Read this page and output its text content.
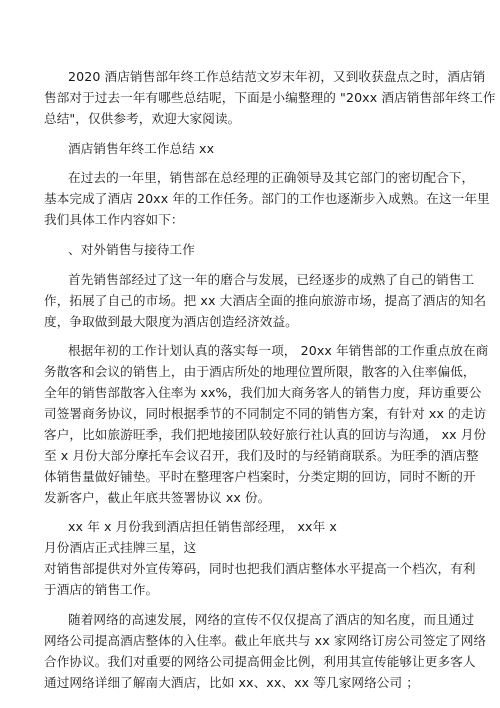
2020 酒店销售部年终工作总结范文岁末年初，又到收获盘点之时，酒店销
售部对于过去一年有哪些总结呢，下面是小编整理的 "20xx 酒店销售部年终工作
总结"，仅供参考，欢迎大家阅读。
酒店销售年终工作总结 xx
在过去的一年里，销售部在总经理的正确领导及其它部门的密切配合下，
基本完成了酒店 20xx 年的工作任务。部门的工作也逐渐步入成熟。在这一年里
我们具体工作内容如下：
、对外销售与接待工作
首先销售部经过了这一年的磨合与发展，已经逐步的成熟了自己的销售工
作，拓展了自己的市场。把 xx 大酒店全面的推向旅游市场，提高了酒店的知名
度，争取做到最大限度为酒店创造经济效益。
根据年初的工作计划认真的落实每一项， 20xx 年销售部的工作重点放在商
务散客和会议的销售上，由于酒店所处的地理位置所限，散客的入住率偏低，
全年的销售部散客入住率为 xx%，我们加大商务客人的销售力度，拜访重要公
司签署商务协议，同时根据季节的不同制定不同的销售方案，有针对 xx 的走访
客户，比如旅游旺季，我们把地接团队较好旅行社认真的回访与沟通， xx 月份
至 x 月份大部分摩托车会议召开，我们及时的与经销商联系。为旺季的酒店整
体销售量做好铺垫。平时在整理客户档案时，分类定期的回访，同时不断的开
发新客户，截止年底共签署协议 xx 份。
xx 年 x 月份我到酒店担任销售部经理， xx年 x
月份酒店正式挂牌三星，这
对销售部提供对外宣传筹码，同时也把我们酒店整体水平提高一个档次，有利
于酒店的销售工作。
随着网络的高速发展，网络的宣传不仅仅提高了酒店的知名度，而且通过
网络公司提高酒店整体的入住率。截止年底共与 xx 家网络订房公司签定了网络
合作协议。我们对重要的网络公司提高佣金比例，利用其宣传能够让更多客人
通过网络详细了解南大酒店，比如 xx、xx、xx 等几家网络公司 ；
